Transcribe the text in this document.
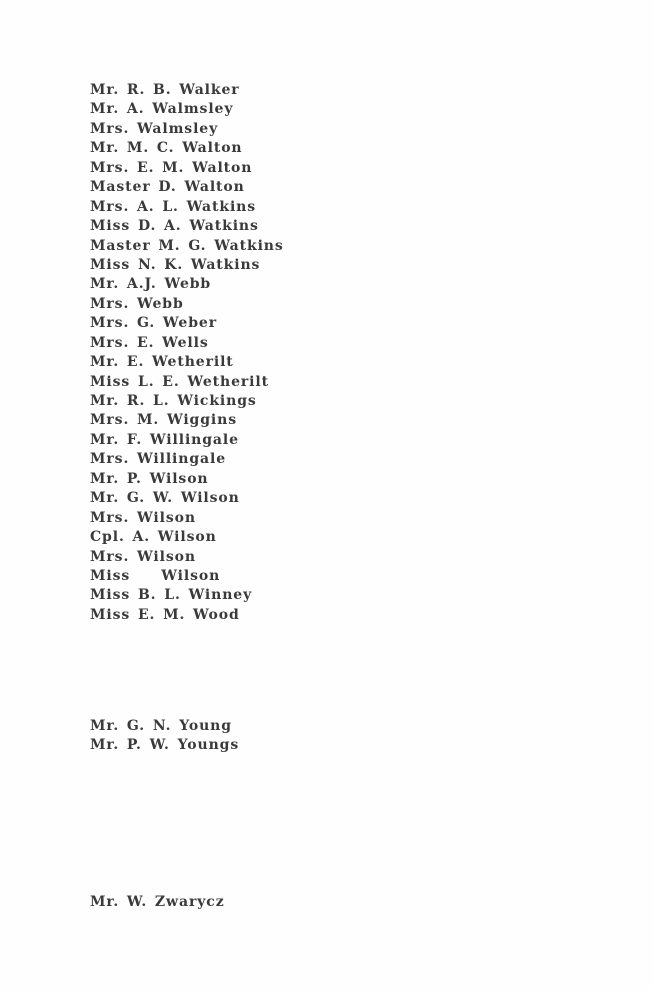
Mr. R. B. Walker
Mr. A. Walmsley
Mrs. Walmsley
Mr. M. C. Walton
Mrs. E. M. Walton
Master D. Walton
Mrs. A. L. Watkins
Miss D. A. Watkins
Master M. G. Watkins
Miss N. K. Watkins
Mr. A.J. Webb
Mrs. Webb
Mrs. G. Weber
Mrs. E. Wells
Mr. E. Wetherilt
Miss L. E. Wetherilt
Mr. R. L. Wickings
Mrs. M. Wiggins
Mr. F. Willingale
Mrs. Willingale
Mr. P. Wilson
Mr. G. W. Wilson
Mrs. Wilson
Cpl. A. Wilson
Mrs. Wilson
Miss    Wilson
Miss B. L. Winney
Miss E. M. Wood
Mr. G. N. Young
Mr. P. W. Youngs
Mr. W. Zwarycz
